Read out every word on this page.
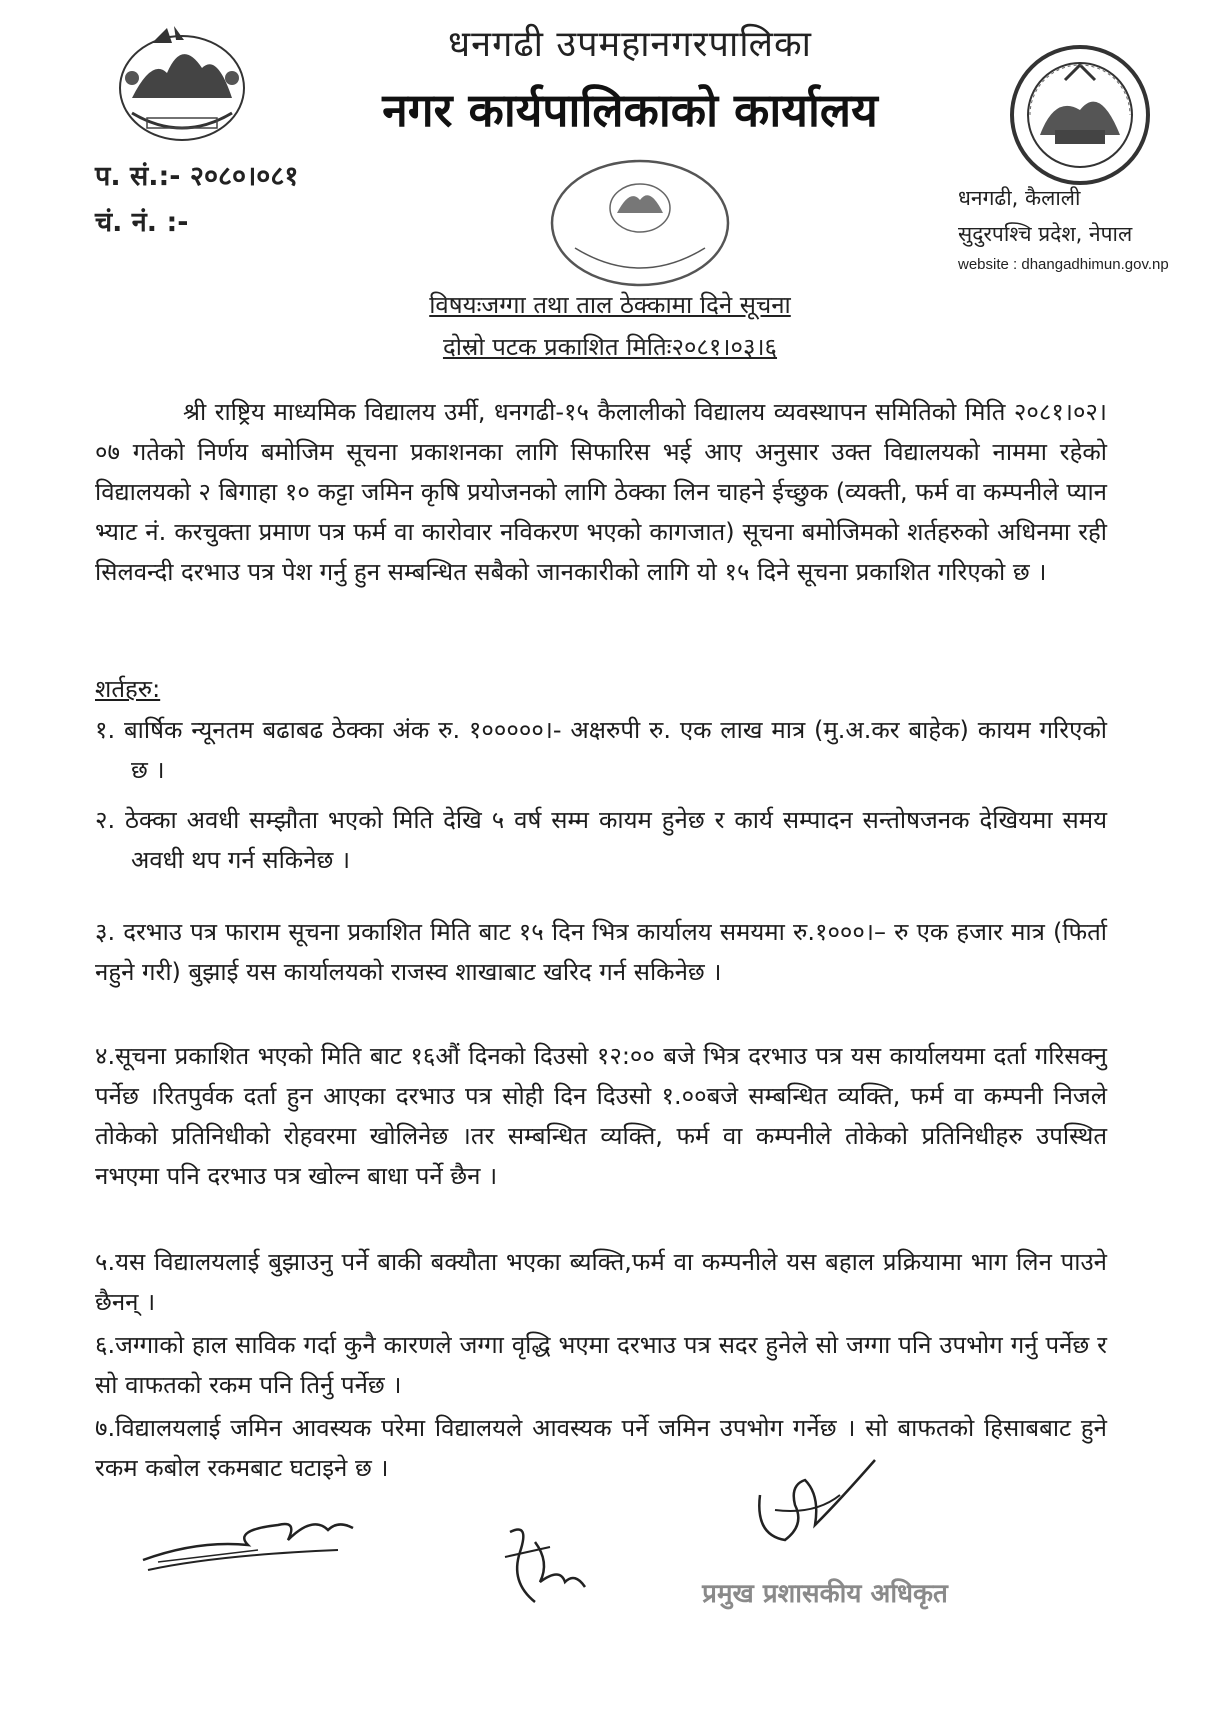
धनगढी उपमहानगरपालिका
नगर कार्यपालिकाको कार्यालय
प. सं.:- २०८०।०८१
चं. नं. :-
धनगढी, कैलाली
सुदुरपश्चि प्रदेश, नेपाल
website : dhangadhimun.gov.np
विषयःजग्गा तथा ताल ठेक्कामा दिने सूचना
दोस्रो पटक प्रकाशित मितिः२०८१।०३।६
श्री राष्ट्रिय माध्यमिक विद्यालय उर्मी, धनगढी-१५ कैलालीको विद्यालय व्यवस्थापन समितिको मिति २०८१।०२।०७ गतेको निर्णय बमोजिम सूचना प्रकाशनका लागि सिफारिस भई आए अनुसार उक्त विद्यालयको नाममा रहेको विद्यालयको २ बिगाहा १० कट्टा जमिन कृषि प्रयोजनको लागि ठेक्का लिन चाहने ईच्छुक (व्यक्ती, फर्म वा कम्पनीले प्यान भ्याट नं. करचुक्ता प्रमाण पत्र फर्म वा कारोवार नविकरण भएको कागजात) सूचना बमोजिमको शर्तहरुको अधिनमा रही सिलवन्दी दरभाउ पत्र पेश गर्नु हुन सम्बन्धित सबैको जानकारीको लागि यो १५ दिने सूचना प्रकाशित गरिएको छ ।
शर्तहरु:
१. बार्षिक न्यूनतम बढाबढ ठेक्का अंक रु. १०००००।- अक्षरुपी रु. एक लाख मात्र (मु.अ.कर बाहेक) कायम गरिएको छ ।
२. ठेक्का अवधी सम्झौता भएको मिति देखि ५ वर्ष सम्म कायम हुनेछ र कार्य सम्पादन सन्तोषजनक देखियमा समय अवधी थप गर्न सकिनेछ ।
३. दरभाउ पत्र फाराम सूचना प्रकाशित मिति बाट १५ दिन भित्र कार्यालय समयमा रु.१०००।– रु एक हजार मात्र (फिर्ता नहुने गरी) बुझाई यस कार्यालयको राजस्व शाखाबाट खरिद गर्न सकिनेछ ।
४.सूचना प्रकाशित भएको मिति बाट १६औं दिनको दिउसो १२:०० बजे भित्र दरभाउ पत्र यस कार्यालयमा दर्ता गरिसक्नु पर्नेछ ।रितपुर्वक दर्ता हुन आएका दरभाउ पत्र सोही दिन दिउसो १.००बजे सम्बन्धित व्यक्ति, फर्म वा कम्पनी निजले तोकेको प्रतिनिधीको रोहवरमा खोलिनेछ ।तर सम्बन्धित व्यक्ति, फर्म वा कम्पनीले तोकेको प्रतिनिधीहरु उपस्थित नभएमा पनि दरभाउ पत्र खोल्न बाधा पर्ने छैन ।
५.यस विद्यालयलाई बुझाउनु पर्ने बाकी बक्यौता भएका ब्यक्ति,फर्म वा कम्पनीले यस बहाल प्रक्रियामा भाग लिन पाउने छैनन् ।
६.जग्गाको हाल साविक गर्दा कुनै कारणले जग्गा वृद्धि भएमा दरभाउ पत्र सदर हुनेले सो जग्गा पनि उपभोग गर्नु पर्नेछ र सो वाफतको रकम पनि तिर्नु पर्नेछ ।
७.विद्यालयलाई जमिन आवस्यक परेमा विद्यालयले आवस्यक पर्ने जमिन उपभोग गर्नेछ । सो बाफतको हिसाबबाट हुने रकम कबोल रकमबाट घटाइने छ ।
प्रमुख प्रशासकीय अधिकृत
